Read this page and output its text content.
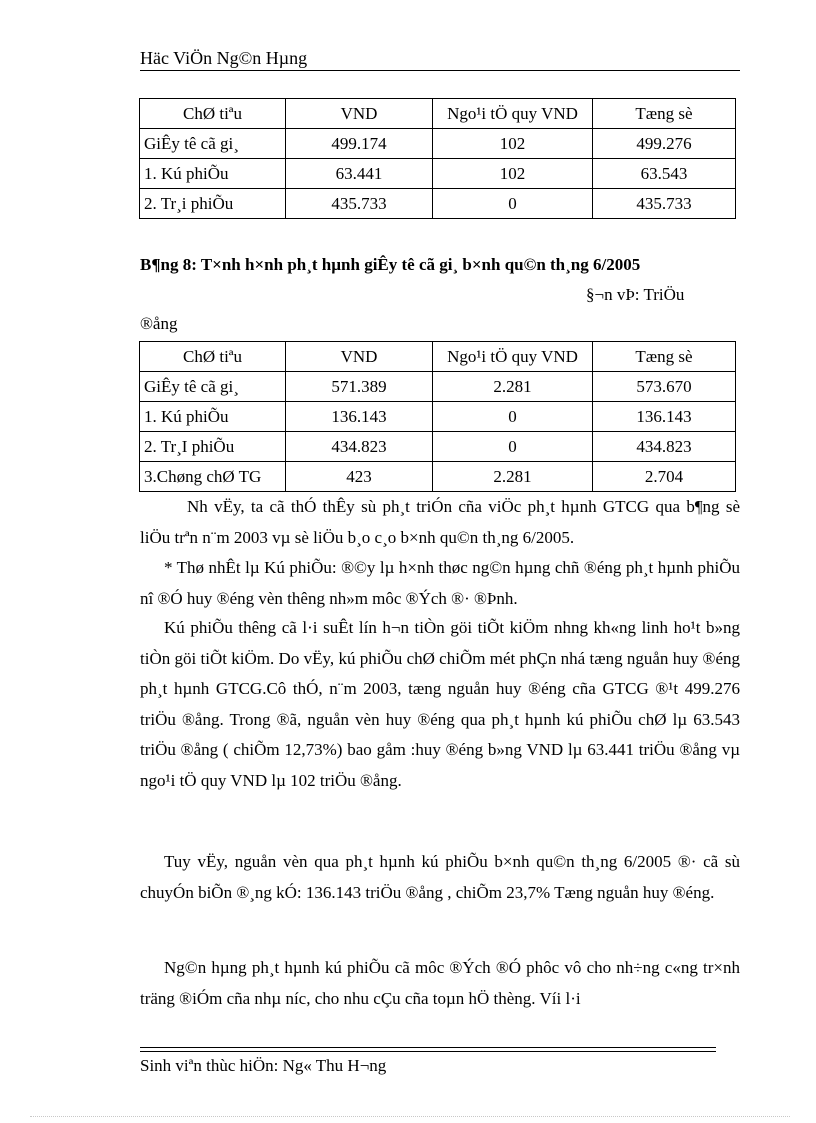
Häc ViÖn Ng©n Hµng
ChØ tiªu	VND	Ngo¹i tÖ quy VND	Tæng sè
GiÊy tê cã gi¸	499.174	102	499.276
1. Kú phiÕu	63.441	102	63.543
2. Tr¸i phiÕu	435.733	0	435.733
B¶ng 8: T×nh h×nh ph¸t hµnh giÊy tê cã gi¸ b×nh qu©n th¸ng 6/2005
§¬n vÞ: TriÖu
®ång
ChØ tiªu	VND	Ngo¹i tÖ quy VND	Tæng sè
GiÊy tê cã gi¸	571.389	2.281	573.670
1. Kú phiÕu	136.143	0	136.143
2. Tr¸I phiÕu	434.823	0	434.823
3.Chøng chØ TG	423	2.281	2.704

Nh vËy, ta cã thÓ thÊy sù ph¸t triÓn cña viÖc ph¸t hµnh GTCG qua b¶ng sè liÖu trªn n¨m 2003 vµ sè liÖu b¸o c¸o b×nh qu©n th¸ng 6/2005.

* Thø nhÊt lµ Kú phiÕu: ®©y lµ h×nh thøc ng©n hµng chñ ®éng ph¸t hµnh phiÕu nî ®Ó huy ®éng vèn thêng nh»m môc ®Ých ®· ®Þnh.

Kú phiÕu thêng cã l·i suÊt lín h¬n tiÒn göi tiÕt kiÖm nhng kh«ng linh ho¹t b»ng tiÒn göi tiÕt kiÖm. Do vËy, kú phiÕu chØ chiÕm mét phÇn nhá tæng nguån huy ®éng ph¸t hµnh GTCG.Cô thÓ, n¨m 2003, tæng nguån huy ®éng cña GTCG ®¹t 499.276 triÖu ®ång. Trong ®ã, nguån vèn huy ®éng qua ph¸t hµnh kú phiÕu chØ lµ 63.543 triÖu ®ång ( chiÕm 12,73%) bao gåm :huy ®éng b»ng VND lµ 63.441 triÖu ®ång vµ ngo¹i tÖ quy VND lµ 102 triÖu ®ång.

Tuy vËy, nguån vèn qua ph¸t hµnh kú phiÕu b×nh qu©n th¸ng 6/2005 ®· cã sù chuyÓn biÕn ®¸ng kÓ: 136.143 triÖu ®ång , chiÕm 23,7% Tæng nguån huy ®éng.

Ng©n hµng ph¸t hµnh kú phiÕu cã môc ®Ých ®Ó phôc vô cho nh÷ng c«ng tr×nh träng ®iÓm cña nhµ níc, cho nhu cÇu cña toµn hÖ thèng. Víi l·i

Sinh viªn thùc hiÖn: Ng« Thu H¬ng
